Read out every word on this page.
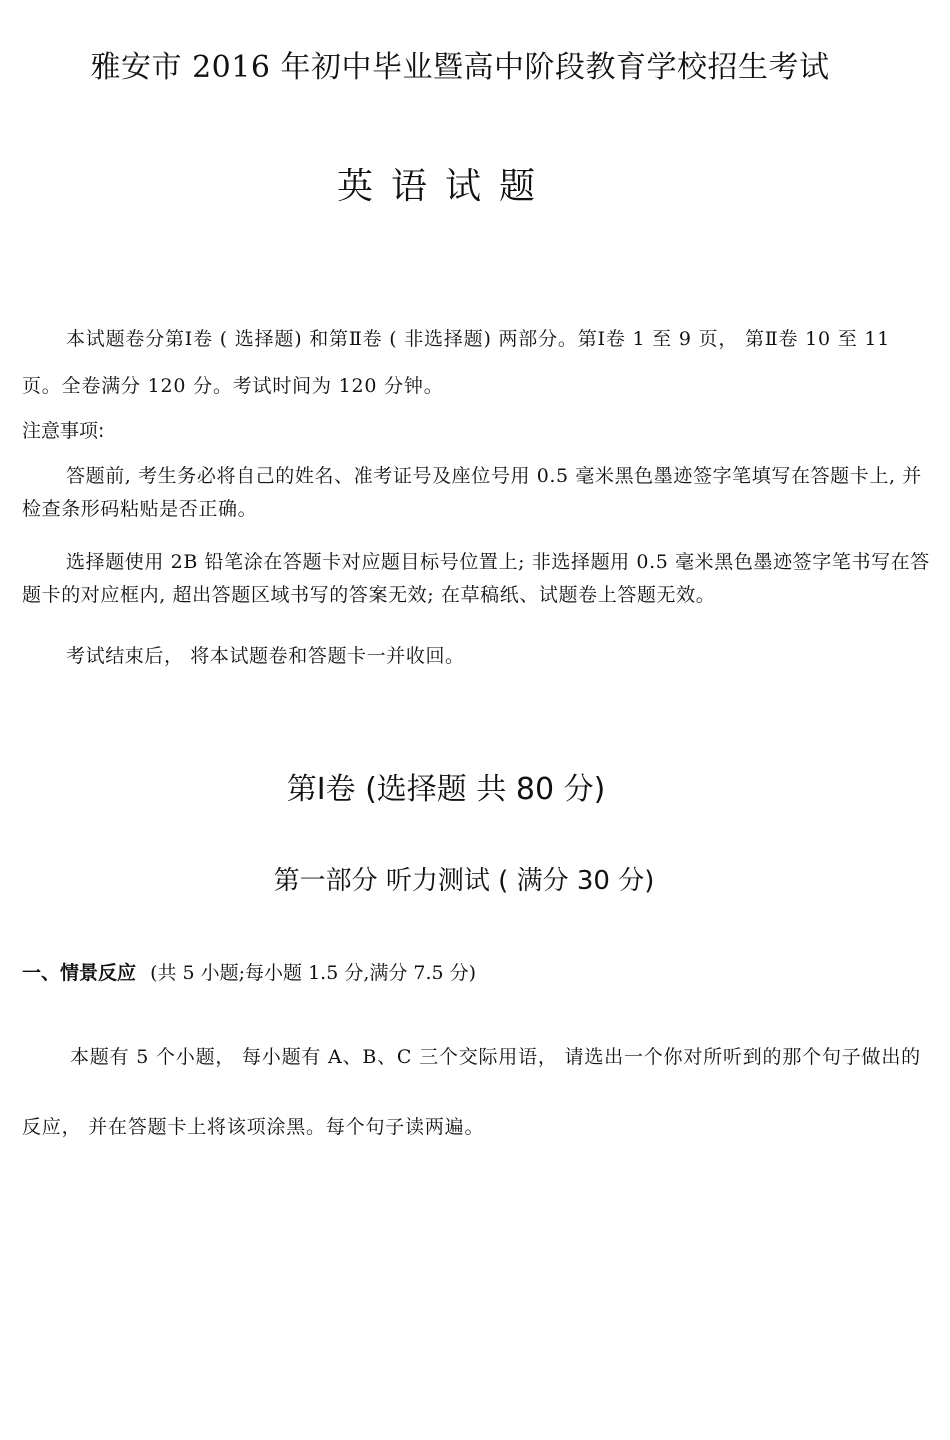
雅安市 2016 年初中毕业暨高中阶段教育学校招生考试
英语试题

本试题卷分第Ⅰ卷 ( 选择题) 和第Ⅱ卷 ( 非选择题) 两部分。第Ⅰ卷 1 至 9 页， 第Ⅱ卷 10 至 11 页。全卷满分 120 分。考试时间为 120 分钟。

注意事项:

答题前, 考生务必将自己的姓名、准考证号及座位号用 0.5 毫米黑色墨迹签字笔填写在答题卡上, 并检查条形码粘贴是否正确。

选择题使用 2B 铅笔涂在答题卡对应题目标号位置上; 非选择题用 0.5 毫米黑色墨迹签字笔书写在答题卡的对应框内, 超出答题区域书写的答案无效; 在草稿纸、试题卷上答题无效。

考试结束后， 将本试题卷和答题卡一并收回。

第Ⅰ卷 (选择题 共 80 分)
第一部分 听力测试 ( 满分 30 分)
一、情景反应 (共 5 小题;每小题 1.5 分,满分 7.5 分)

本题有 5 个小题， 每小题有 A、B、C 三个交际用语， 请选出一个你对所听到的那个句子做出的反应， 并在答题卡上将该项涂黑。每个句子读两遍。
